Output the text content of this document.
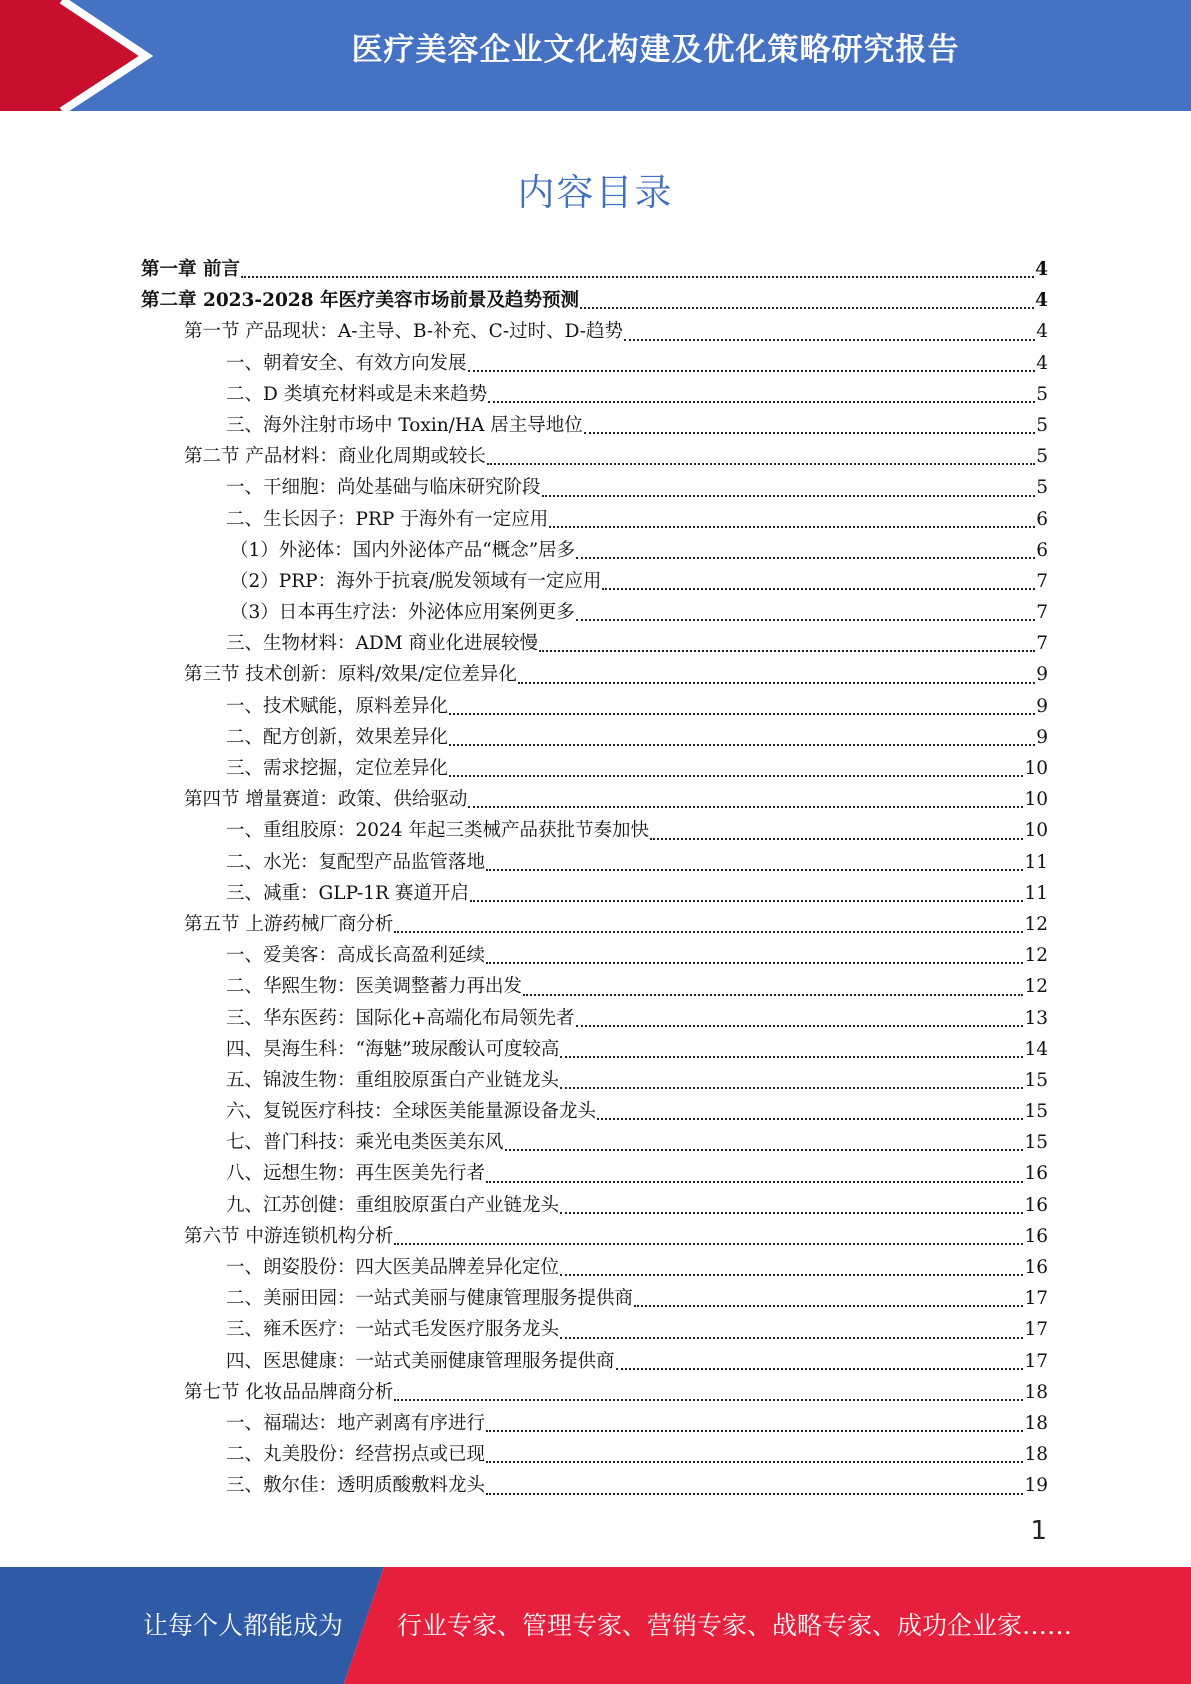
医疗美容企业文化构建及优化策略研究报告
内容目录
第一章 前言	4
第二章 2023-2028 年医疗美容市场前景及趋势预测	4
第一节 产品现状：A-主导、B-补充、C-过时、D-趋势	4
一、朝着安全、有效方向发展	4
二、D 类填充材料或是未来趋势	5
三、海外注射市场中 Toxin/HA 居主导地位	5
第二节 产品材料：商业化周期或较长	5
一、干细胞：尚处基础与临床研究阶段	5
二、生长因子：PRP 于海外有一定应用	6
（1）外泌体：国内外泌体产品“概念”居多	6
（2）PRP：海外于抗衰/脱发领域有一定应用	7
（3）日本再生疗法：外泌体应用案例更多	7
三、生物材料：ADM 商业化进展较慢	7
第三节 技术创新：原料/效果/定位差异化	9
一、技术赋能，原料差异化	9
二、配方创新，效果差异化	9
三、需求挖掘，定位差异化	10
第四节 增量赛道：政策、供给驱动	10
一、重组胶原：2024 年起三类械产品获批节奏加快	10
二、水光：复配型产品监管落地	11
三、减重：GLP-1R 赛道开启	11
第五节 上游药械厂商分析	12
一、爱美客：高成长高盈利延续	12
二、华熙生物：医美调整蓄力再出发	12
三、华东医药：国际化+高端化布局领先者	13
四、昊海生科：“海魅”玻尿酸认可度较高	14
五、锦波生物：重组胶原蛋白产业链龙头	15
六、复锐医疗科技：全球医美能量源设备龙头	15
七、普门科技：乘光电类医美东风	15
八、远想生物：再生医美先行者	16
九、江苏创健：重组胶原蛋白产业链龙头	16
第六节 中游连锁机构分析	16
一、朗姿股份：四大医美品牌差异化定位	16
二、美丽田园：一站式美丽与健康管理服务提供商	17
三、雍禾医疗：一站式毛发医疗服务龙头	17
四、医思健康：一站式美丽健康管理服务提供商	17
第七节 化妆品品牌商分析	18
一、福瑞达：地产剥离有序进行	18
二、丸美股份：经营拐点或已现	18
三、敷尔佳：透明质酸敷料龙头	19
1
让每个人都能成为 行业专家、管理专家、营销专家、战略专家、成功企业家……
